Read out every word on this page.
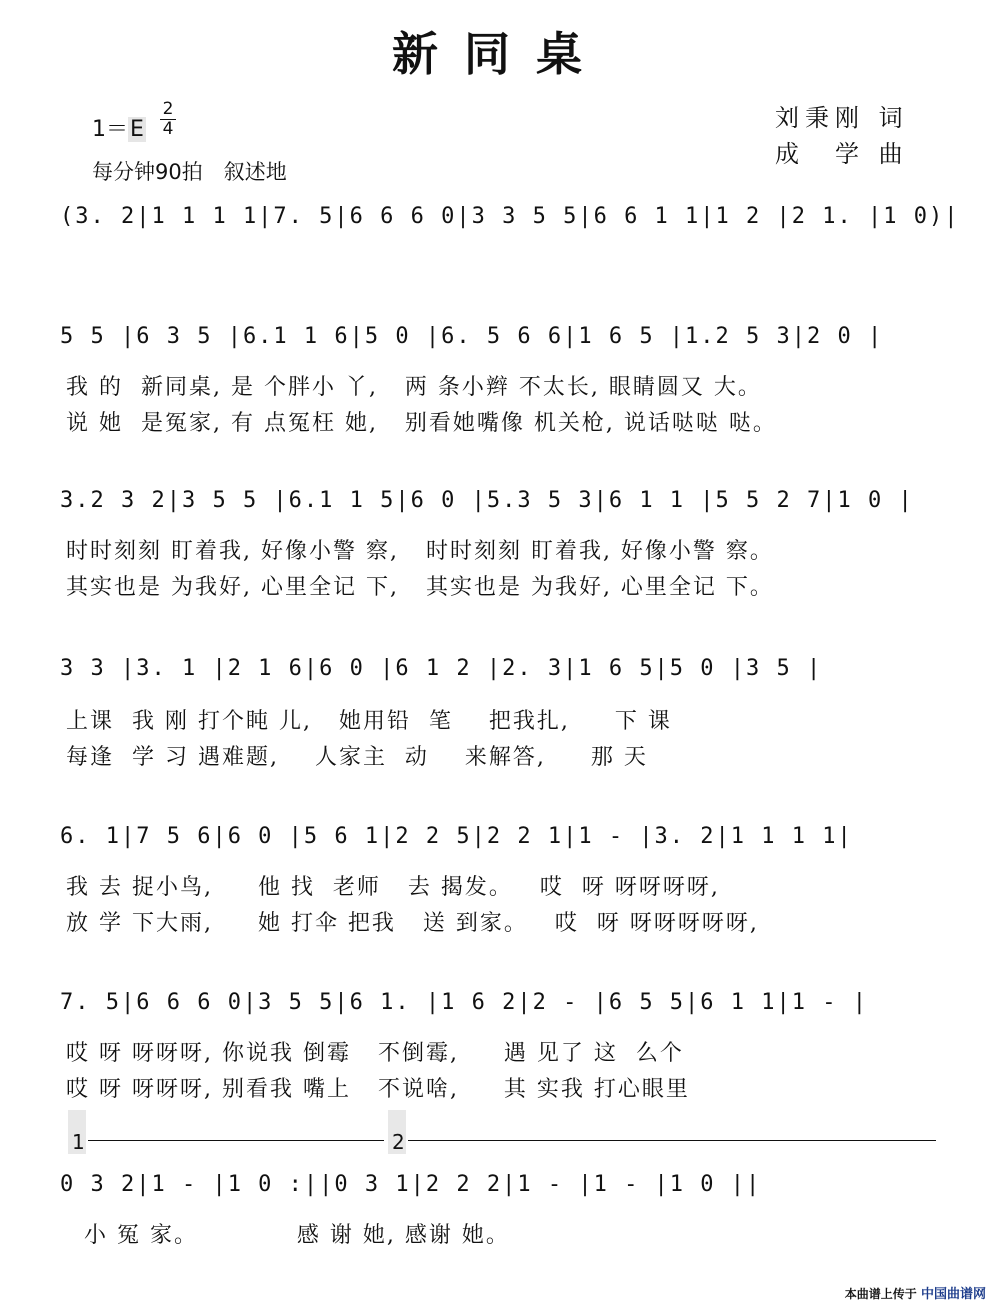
新同桌
$1=E \frac{2}{4}$
每分钟90拍　叙述地
刘秉刚 词
成　学 曲
(3. 2|1 1 1 1|7. 5|6 6 6 0|3 3 5 5|6 6 1 1|1 2 |2 1. |1 0)|
5 5 |6 3 5 |6.1 1 6|5 0 |6. 5 6 6|1 6 5 |1.2 5 3|2 0 |
我 的  新同桌, 是 个胖小 丫,   两 条小辫 不太长, 眼睛圆又 大。
说 她  是冤家, 有 点冤枉 她,   别看她嘴像 机关枪, 说话哒哒 哒。
3.2 3 2|3 5 5 |6.1 1 5|6 0 |5.3 5 3|6 1 1 |5 5 2 7|1 0 |
时时刻刻 盯着我, 好像小警 察,   时时刻刻 盯着我, 好像小警 察。
其实也是 为我好, 心里全记 下,   其实也是 为我好, 心里全记 下。
3 3 |3. 1 |2 1 6|6 0 |6 1 2 |2. 3|1 6 5|5 0 |3 5 |
上课  我 刚 打个盹 儿,   她用铅  笔    把我扎,     下 课
每逢  学 习 遇难题,    人家主  动    来解答,     那 天
6. 1|7 5 6|6 0 |5 6 1|2 2 5|2 2 1|1 - |3. 2|1 1 1 1|
我 去 捉小鸟,     他 找  老师   去 揭发。   哎  呀 呀呀呀呀,
放 学 下大雨,     她 打伞 把我   送 到家。   哎  呀 呀呀呀呀呀,
7. 5|6 6 6 0|3 5 5|6 1. |1 6 2|2 - |6 5 5|6 1 1|1 - |
哎 呀 呀呀呀, 你说我 倒霉   不倒霉,     遇 见了 这  么个
哎 呀 呀呀呀, 别看我 嘴上   不说啥,     其 实我 打心眼里
1	2
0 3 2|1 - |1 0 :||0 3 1|2 2 2|1 - |1 - |1 0 ||
小 冤 家。           感 谢 她, 感谢 她。
本曲谱上传于 中国曲谱网
